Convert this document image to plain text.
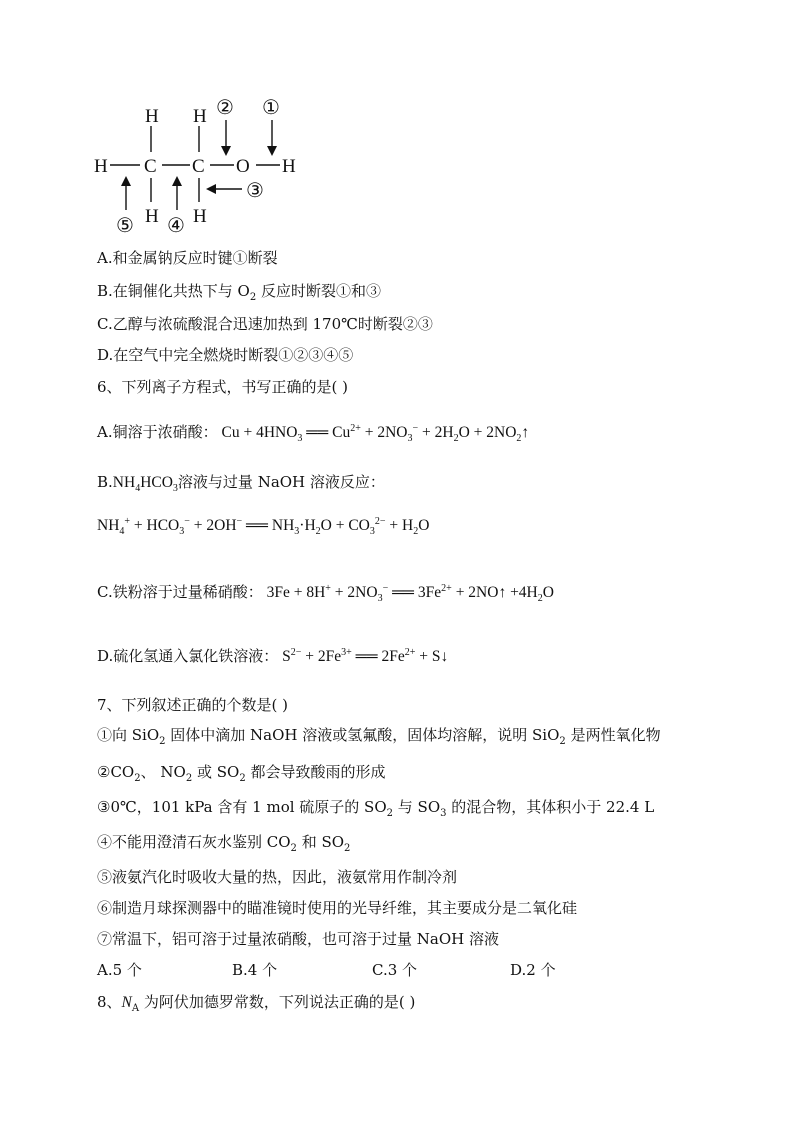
H C C O H
H
H
H
H
② ①
③
④
⑤
A.和金属钠反应时键①断裂
B.在铜催化共热下与 $O_2$ 反应时断裂①和③
C.乙醇与浓硫酸混合迅速加热到 170℃时断裂②③
D.在空气中完全燃烧时断裂①②③④⑤
6、下列离子方程式，书写正确的是( )
A.铜溶于浓硝酸： $Cu + 4HNO_3$ ══ $Cu^{2+} + 2NO_3^- + 2H_2O$ + $2NO_2↑$
$B.NH_4HCO_3$溶液与过量 NaOH 溶液反应：
$NH_4^+ + HCO_3^- + 2OH^-$ ══ $NH_3\cdot H_2O + CO_3^{2-} + H_2O$
C.铁粉溶于过量稀硝酸： $3Fe + 8H^+ + 2NO_3^-$ ══ $3Fe^{2+}$ + 2NO↑ $+4H_2O$
D.硫化氢通入氯化铁溶液： $S^{2-} + 2Fe^{3+}$ ══ $2Fe^{2+}$ + S↓
7、下列叙述正确的个数是( )
①向 SiO$_2$ 固体中滴加 NaOH 溶液或氢氟酸，固体均溶解，说明 SiO$_2$ 是两性氧化物
$②CO_2$、 $NO_2$ 或 $SO_2$ 都会导致酸雨的形成
③0℃，101 kPa 含有 1 mol 硫原子的 $SO_2$ 与 $SO_3$ 的混合物，其体积小于 22.4 L
④不能用澄清石灰水鉴别 $CO_2$ 和 $SO_2$
⑤液氨汽化时吸收大量的热，因此，液氨常用作制冷剂
⑥制造月球探测器中的瞄准镜时使用的光导纤维，其主要成分是二氧化硅
⑦常温下，铝可溶于过量浓硝酸，也可溶于过量 NaOH 溶液
A.5 个	B.4 个	C.3 个	D.2 个
8、$N_A$ 为阿伏加德罗常数，下列说法正确的是( )
